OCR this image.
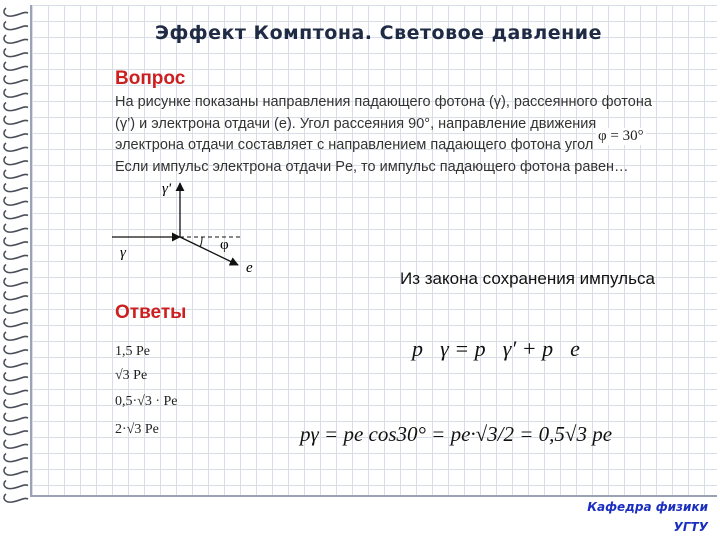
Эффект Комптона. Световое давление
Вопрос
На рисунке показаны направления падающего фотона (γ), рассеянного фотона
(γ’) и электрона отдачи (e). Угол рассеяния 90°, направление движения
электрона отдачи составляет с направлением падающего фотона угол
Если импульс электрона отдачи Pe, то импульс падающего фотона равен…
φ = 30°
γ'
γ	φ
e
Ответы
1,5 Pe
√3 Pe
0,5·√3 · Pe
2·√3 Pe
Из закона сохранения импульса
p⃗γ = p⃗γ′ + p⃗e
pγ = pe cos30° = pe·√3/2 = 0,5√3 pe
Кафедра физики
УГТУ
